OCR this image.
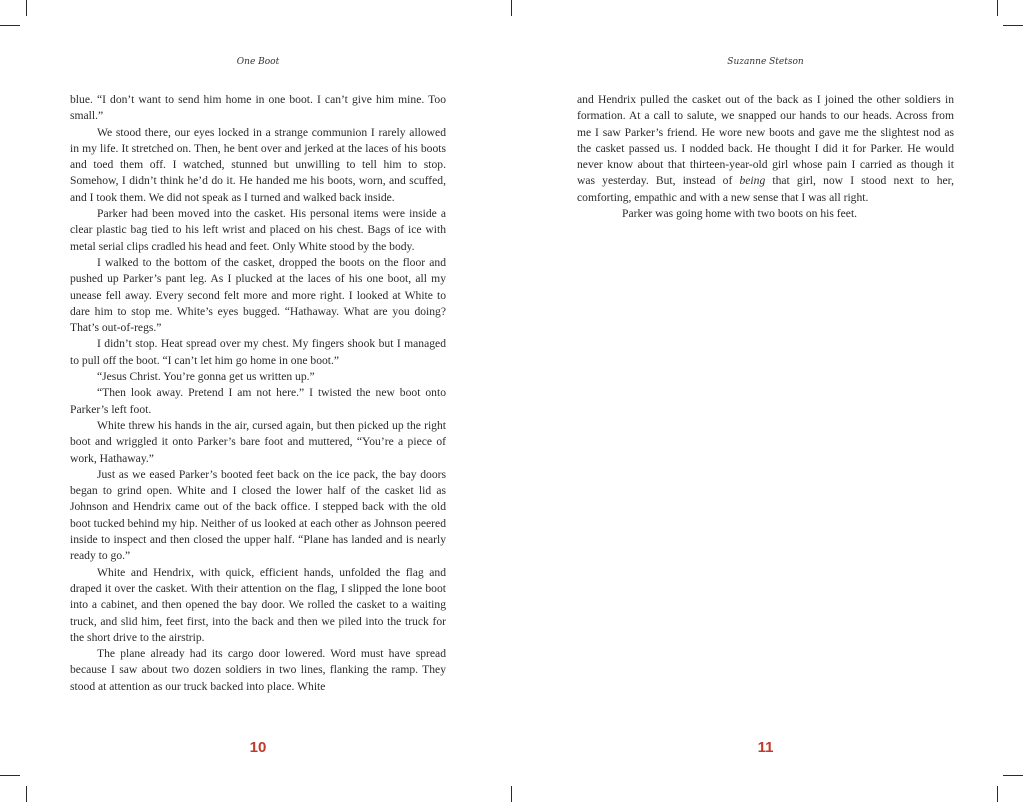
One Boot

blue. “I don’t want to send him home in one boot. I can’t give him mine. Too small.”

We stood there, our eyes locked in a strange communion I rarely allowed in my life. It stretched on. Then, he bent over and jerked at the laces of his boots and toed them off. I watched, stunned but unwilling to tell him to stop. Somehow, I didn’t think he’d do it. He handed me his boots, worn, and scuffed, and I took them. We did not speak as I turned and walked back inside.

Parker had been moved into the casket. His personal items were inside a clear plastic bag tied to his left wrist and placed on his chest. Bags of ice with metal serial clips cradled his head and feet. Only White stood by the body.

I walked to the bottom of the casket, dropped the boots on the floor and pushed up Parker’s pant leg. As I plucked at the laces of his one boot, all my unease fell away. Every second felt more and more right. I looked at White to dare him to stop me. White’s eyes bugged. “Hathaway. What are you doing? That’s out-of-regs.”

I didn’t stop. Heat spread over my chest. My fingers shook but I managed to pull off the boot. “I can’t let him go home in one boot.”

“Jesus Christ. You’re gonna get us written up.”

“Then look away. Pretend I am not here.” I twisted the new boot onto Parker’s left foot.

White threw his hands in the air, cursed again, but then picked up the right boot and wriggled it onto Parker’s bare foot and muttered, “You’re a piece of work, Hathaway.”

Just as we eased Parker’s booted feet back on the ice pack, the bay doors began to grind open. White and I closed the lower half of the casket lid as Johnson and Hendrix came out of the back office. I stepped back with the old boot tucked behind my hip. Neither of us looked at each other as Johnson peered inside to inspect and then closed the upper half. “Plane has landed and is nearly ready to go.”

White and Hendrix, with quick, efficient hands, unfolded the flag and draped it over the casket. With their attention on the flag, I slipped the lone boot into a cabinet, and then opened the bay door. We rolled the casket to a waiting truck, and slid him, feet first, into the back and then we piled into the truck for the short drive to the airstrip.

The plane already had its cargo door lowered. Word must have spread because I saw about two dozen soldiers in two lines, flanking the ramp. They stood at attention as our truck backed into place. White

10
Suzanne Stetson

and Hendrix pulled the casket out of the back as I joined the other soldiers in formation. At a call to salute, we snapped our hands to our heads. Across from me I saw Parker’s friend. He wore new boots and gave me the slightest nod as the casket passed us. I nodded back. He thought I did it for Parker. He would never know about that thirteen-year-old girl whose pain I carried as though it was yesterday. But, instead of being that girl, now I stood next to her, comforting, empathic and with a new sense that I was all right.

Parker was going home with two boots on his feet.

11
